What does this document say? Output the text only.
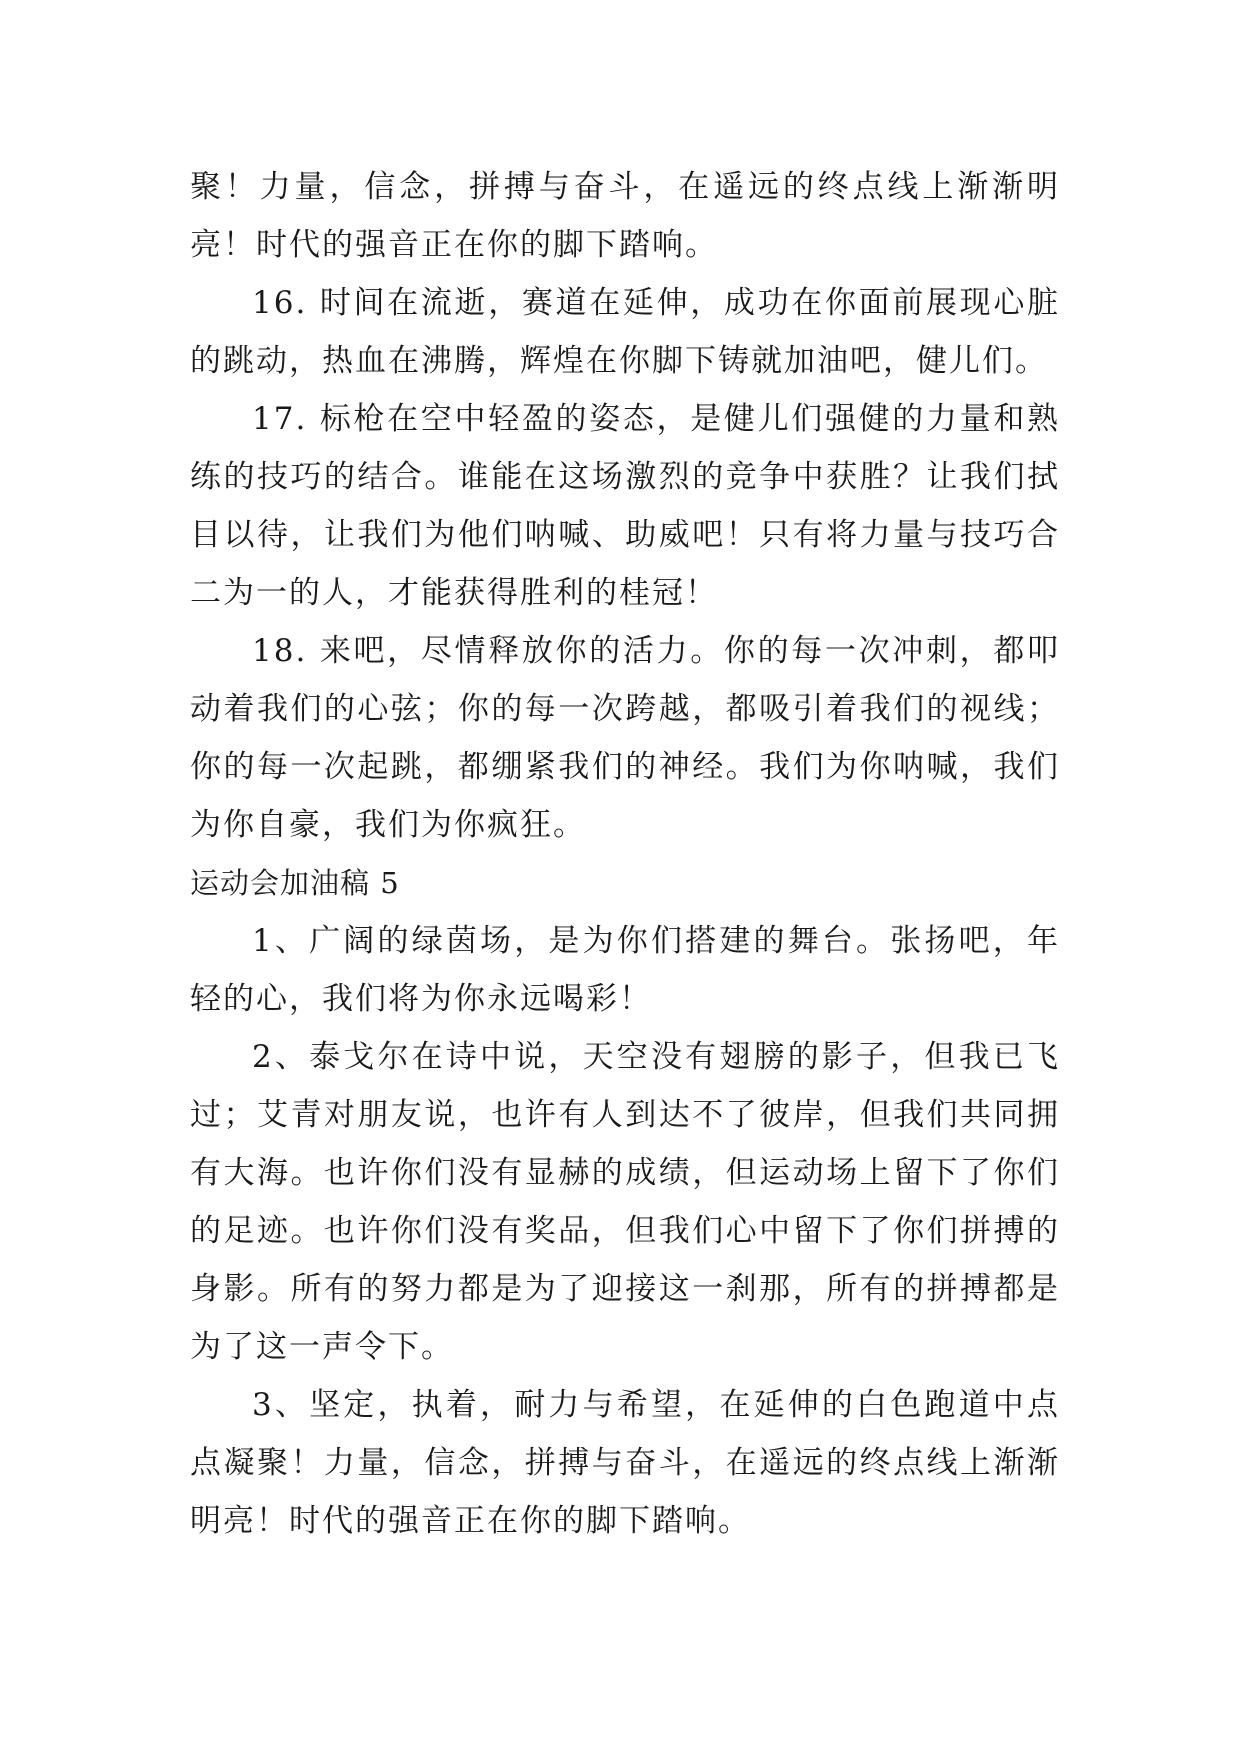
聚！力量，信念，拼搏与奋斗，在遥远的终点线上渐渐明亮！时代的强音正在你的脚下踏响。

16. 时间在流逝，赛道在延伸，成功在你面前展现心脏的跳动，热血在沸腾，辉煌在你脚下铸就加油吧，健儿们。

17. 标枪在空中轻盈的姿态，是健儿们强健的力量和熟练的技巧的结合。谁能在这场激烈的竞争中获胜？让我们拭目以待，让我们为他们呐喊、助威吧！只有将力量与技巧合二为一的人，才能获得胜利的桂冠！

18. 来吧，尽情释放你的活力。你的每一次冲刺，都叩动着我们的心弦；你的每一次跨越，都吸引着我们的视线；你的每一次起跳，都绷紧我们的神经。我们为你呐喊，我们为你自豪，我们为你疯狂。

运动会加油稿 5

1、广阔的绿茵场，是为你们搭建的舞台。张扬吧，年轻的心，我们将为你永远喝彩！

2、泰戈尔在诗中说，天空没有翅膀的影子，但我已飞过；艾青对朋友说，也许有人到达不了彼岸，但我们共同拥有大海。也许你们没有显赫的成绩，但运动场上留下了你们的足迹。也许你们没有奖品，但我们心中留下了你们拼搏的身影。所有的努力都是为了迎接这一刹那，所有的拼搏都是为了这一声令下。

3、坚定，执着，耐力与希望，在延伸的白色跑道中点点凝聚！力量，信念，拼搏与奋斗，在遥远的终点线上渐渐明亮！时代的强音正在你的脚下踏响。
